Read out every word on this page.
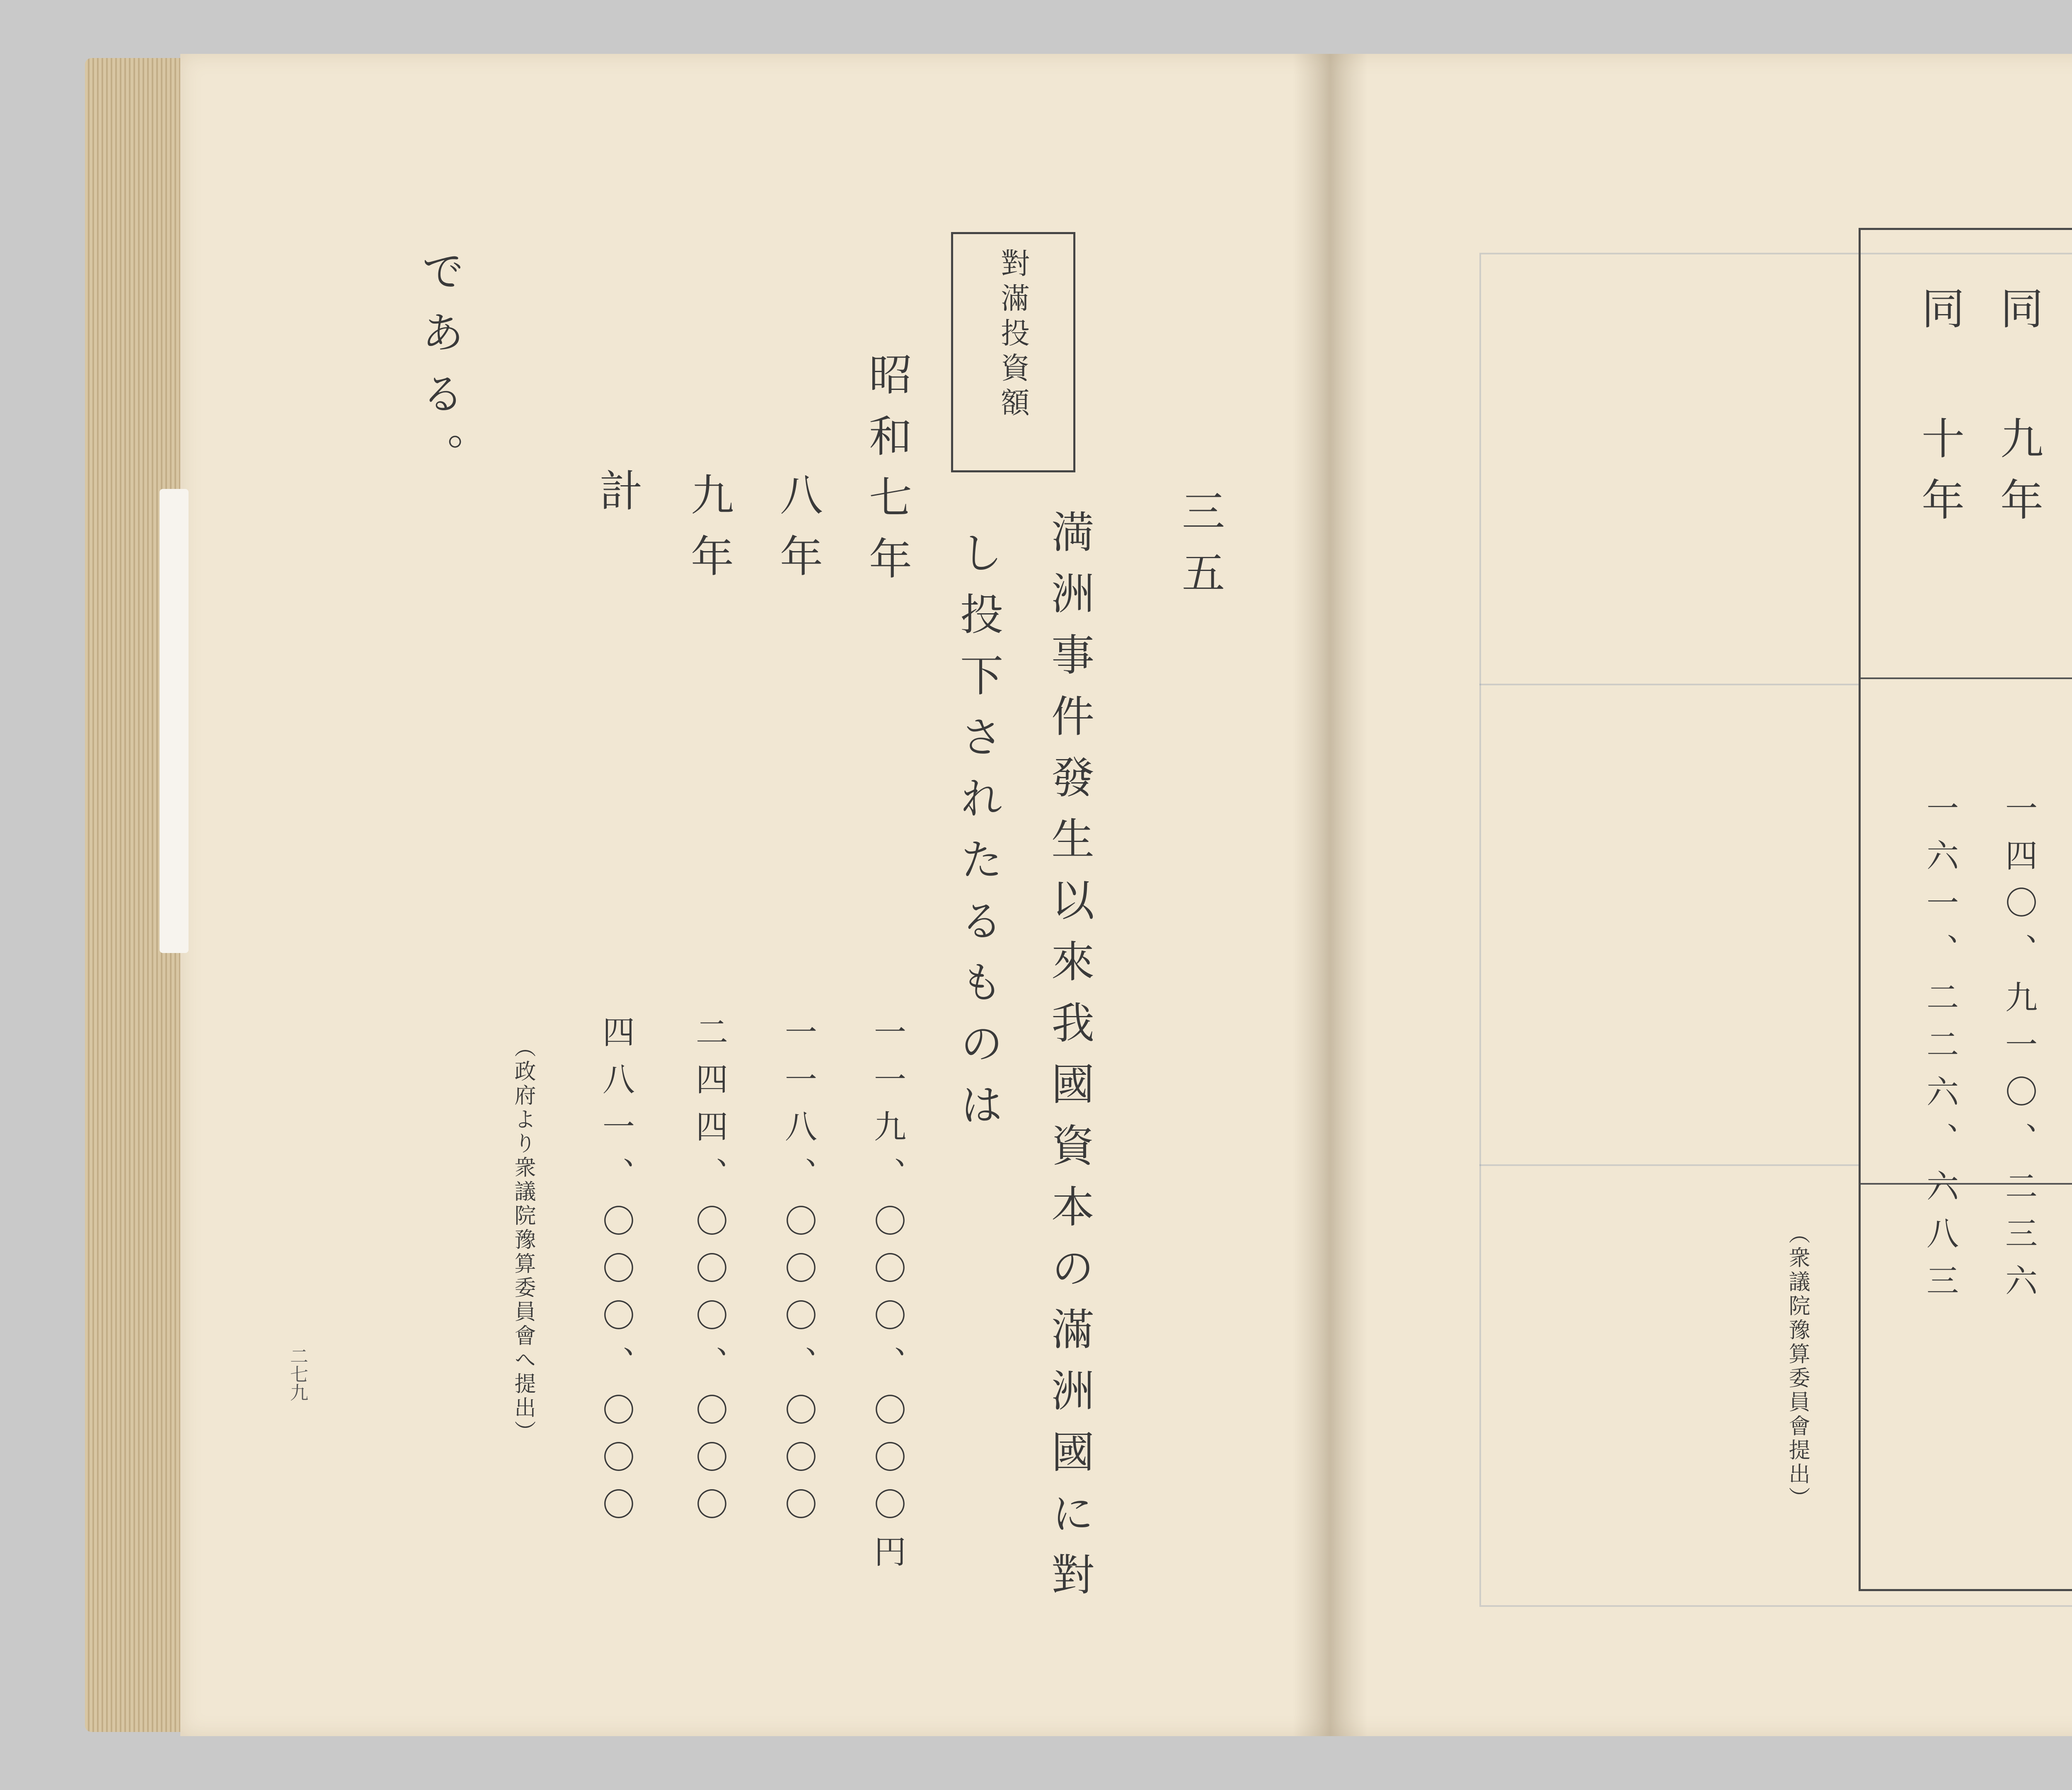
三五
満洲事件發生以來我國資本の滿洲國に對
し投下されたるものは
對滿投資額
昭和七年
一一九、〇〇〇、〇〇〇円
八年
一一八、〇〇〇、〇〇〇
九年
二四四、〇〇〇、〇〇〇
計
四八一、〇〇〇、〇〇〇
（政府より衆議院豫算委員會へ提出）
である。
二七九
同 九年
同 十年
一四〇、九一〇、二三六
一六一、二二六、六八三
（衆議院豫算委員會提出）
